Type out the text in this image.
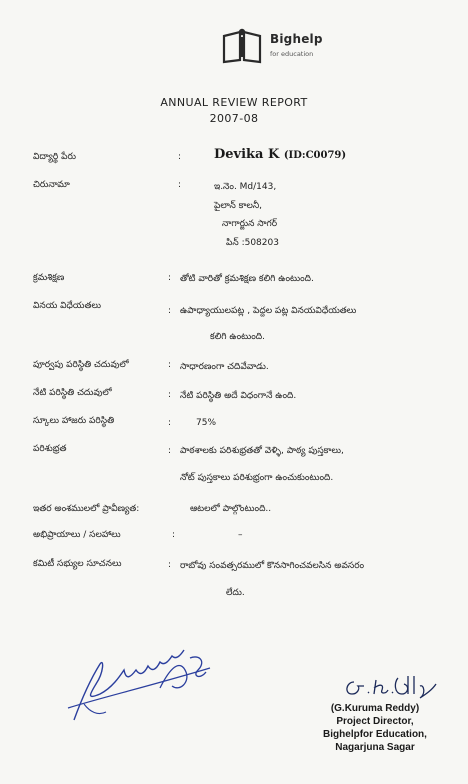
Bighelp
for education
ANNUAL REVIEW REPORT
2007-08
విద్యార్థి పేరు	:	Devika K (ID:C0079)
చిరునామా	:	ఇ.నెం. Md/143,
పైలాన్ కాలనీ,
నాగార్జున సాగర్
పిన్ :508203
క్రమశిక్షణ	: తోటి వారితో క్రమశిక్షణ కలిగి ఉంటుంది.
వినయ విధేయతలు	: ఉపాధ్యాయులపట్ల , పెద్దల పట్ల వినయవిధేయతలు
కలిగి ఉంటుంది.
పూర్వపు పరిస్థితి చదువులో	: సాధారణంగా చదివేవాడు.
నేటి పరిస్థితి చదువులో	: నేటి పరిస్థితి అదే విధంగానే ఉంది.
స్కూలు హాజరు పరిస్థితి	:	75%
పరిశుభ్రత	: పాఠశాలకు పరిశుభ్రతతో వెళ్ళి, పాఠ్య పుస్తకాలు,
నోట్ పుస్తకాలు పరిశుభ్రంగా ఉంచుకుంటుంది.
ఇతర అంశములలో ప్రావీణ్యత:	ఆటలలో పాల్గొంటుంది..
అభిప్రాయాలు / సలహాలు	:	–
కమిటీ సభ్యుల సూచనలు	: రాబోవు సంవత్సరములో కొనసాగించవలసిన అవసరం
లేదు.
(G.Kuruma Reddy)
Project Director,
Bighelpfor Education,
Nagarjuna Sagar
